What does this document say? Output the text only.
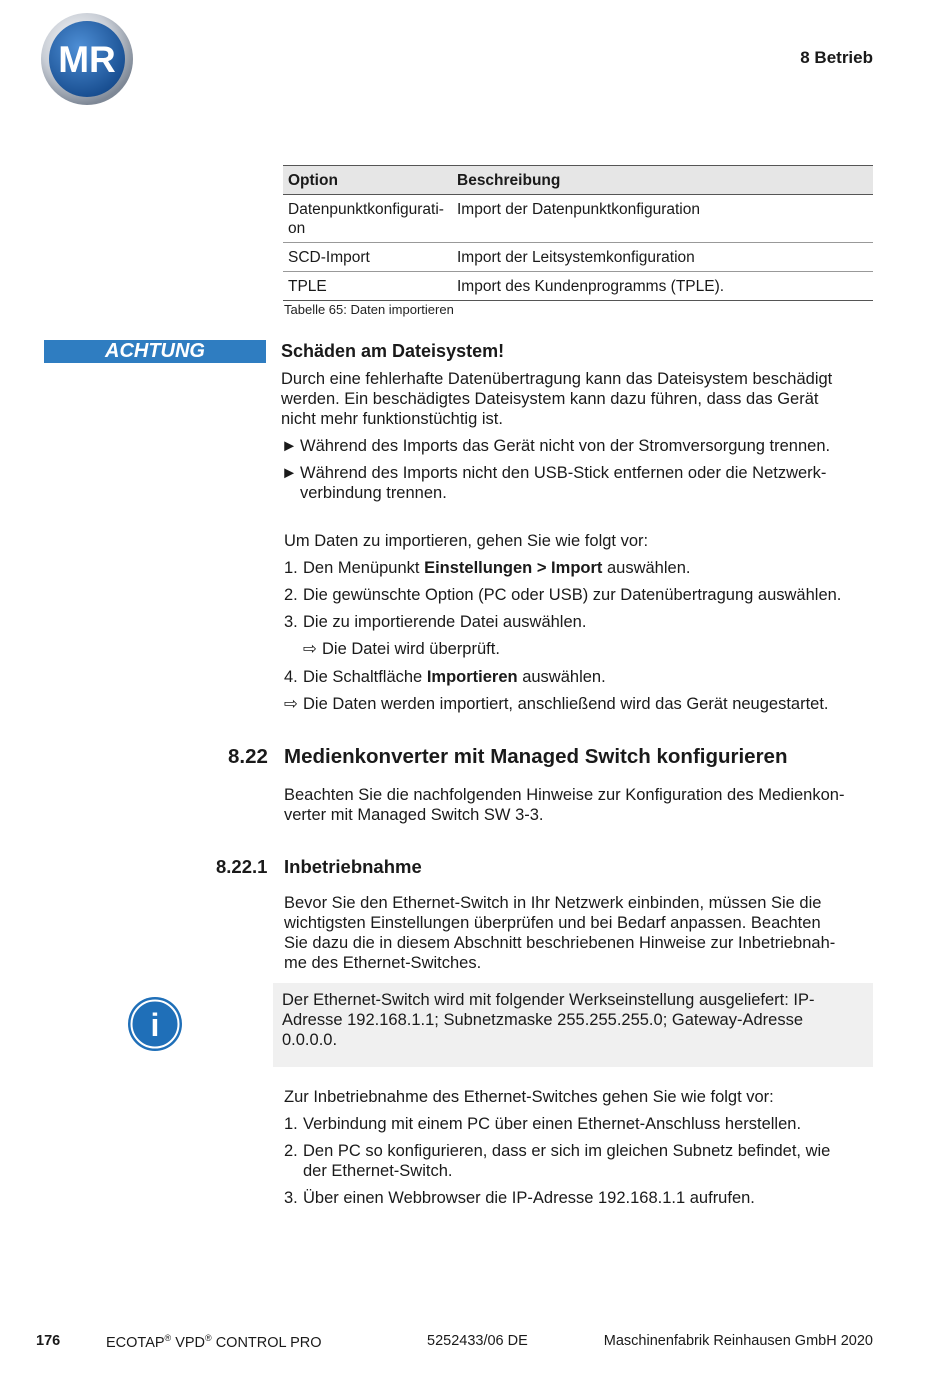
MR	8 Betrieb
Option	Beschreibung
Datenpunktkonfigurati-
on
Import der Datenpunktkonfiguration
SCD-Import	Import der Leitsystemkonfiguration
TPLE	Import des Kundenprogramms (TPLE).
Tabelle 65: Daten importieren
ACHTUNG	Schäden am Dateisystem!
Durch eine fehlerhafte Datenübertragung kann das Dateisystem beschädigt
werden. Ein beschädigtes Dateisystem kann dazu führen, dass das Gerät
nicht mehr funktionstüchtig ist.
► Während des Imports das Gerät nicht von der Stromversorgung trennen.
► Während des Imports nicht den USB-Stick entfernen oder die Netzwerk-
verbindung trennen.
Um Daten zu importieren, gehen Sie wie folgt vor:
1. Den Menüpunkt Einstellungen > Import auswählen.
2. Die gewünschte Option (PC oder USB) zur Datenübertragung auswählen.
3. Die zu importierende Datei auswählen.
⇨ Die Datei wird überprüft.
4. Die Schaltfläche Importieren auswählen.
⇨ Die Daten werden importiert, anschließend wird das Gerät neugestartet.
8.22 Medienkonverter mit Managed Switch konfigurieren
Beachten Sie die nachfolgenden Hinweise zur Konfiguration des Medienkon-
verter mit Managed Switch SW 3-3.
8.22.1 Inbetriebnahme
Bevor Sie den Ethernet-Switch in Ihr Netzwerk einbinden, müssen Sie die
wichtigsten Einstellungen überprüfen und bei Bedarf anpassen. Beachten
Sie dazu die in diesem Abschnitt beschriebenen Hinweise zur Inbetriebnah-
me des Ethernet-Switches.
i
Der Ethernet-Switch wird mit folgender Werkseinstellung ausgeliefert: IP-
Adresse 192.168.1.1; Subnetzmaske 255.255.255.0; Gateway-Adresse
0.0.0.0.
Zur Inbetriebnahme des Ethernet-Switches gehen Sie wie folgt vor:
1. Verbindung mit einem PC über einen Ethernet-Anschluss herstellen.
2. Den PC so konfigurieren, dass er sich im gleichen Subnetz befindet, wie
der Ethernet-Switch.
3. Über einen Webbrowser die IP-Adresse 192.168.1.1 aufrufen.
176	ECOTAP® VPD® CONTROL PRO	5252433/06 DE	Maschinenfabrik Reinhausen GmbH 2020
